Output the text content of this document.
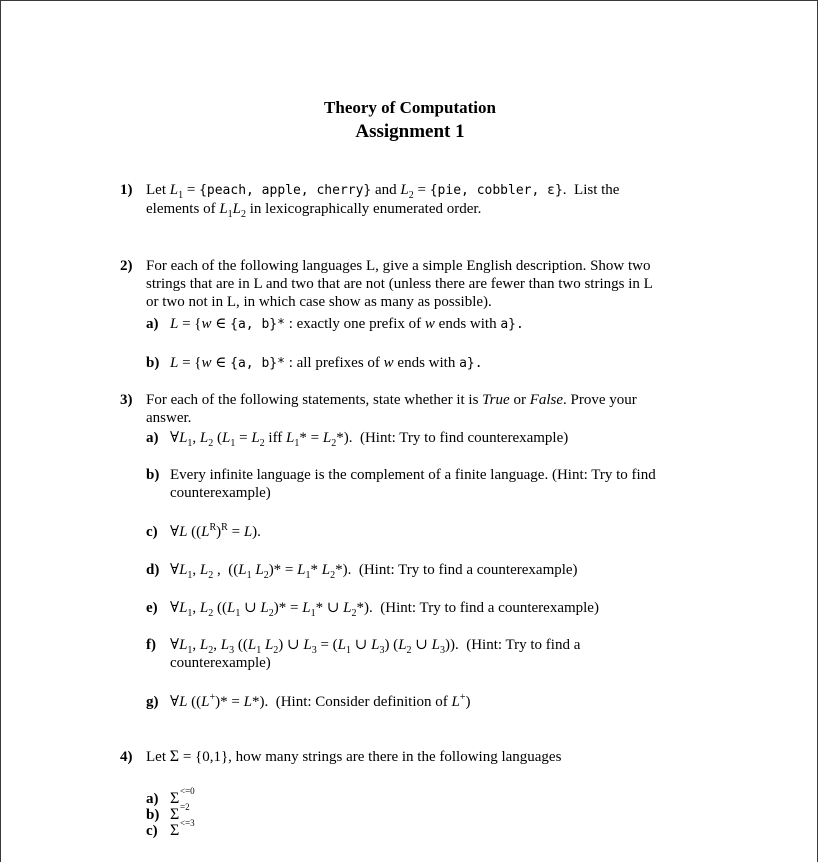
Theory of Computation
Assignment 1
1) Let $L_1$ = {peach, apple, cherry} and $L_2 = \{pie$, cobbler, ε}.  List the
elements of $L_1L_2$ in lexicographically enumerated order.
2) For each of the following languages L, give a simple English description. Show two
strings that are in L and two that are not (unless there are fewer than two strings in L
or two not in L, in which case show as many as possible).
a) L = {w ∈ {a, b}* : exactly one prefix of w ends with a}.
b) L = {w ∈ {a, b}* : all prefixes of w ends with a}.
3) For each of the following statements, state whether it is True or False. Prove your
answer.
a) $\forall L_1$, $L_2$ ($L_1 = L_2$ iff $L_1* = L_2*$).  (Hint: Try to find counterexample)
b) Every infinite language is the complement of a finite language. (Hint: Try to find
counterexample)
c) ∀L $((L^R)^R = L)$.
d) $\forall L_1$, $L_2$ ,  (($L_1$ $L_2)* = L_1*$ $L_2*$).  (Hint: Try to find a counterexample)
e) $\forall L_1$, $L_2$ (($L_1$ ∪ $L_2)* = L_1*$ ∪ $L_2*$).  (Hint: Try to find a counterexample)
f) $\forall L_1$, $L_2$, $L_3$ (($L_1$ $L_2$) ∪ $L_3 = (L_1$ ∪ $L_3$) ($L_2$ ∪ $L_3$)).  (Hint: Try to find a
counterexample)
g) ∀L ((L+)* = L*).  (Hint: Consider definition of L+)
4) Let Σ = {0,1}, how many strings are there in the following languages
a) Σ <=0
b) Σ =2
c) Σ <=3
